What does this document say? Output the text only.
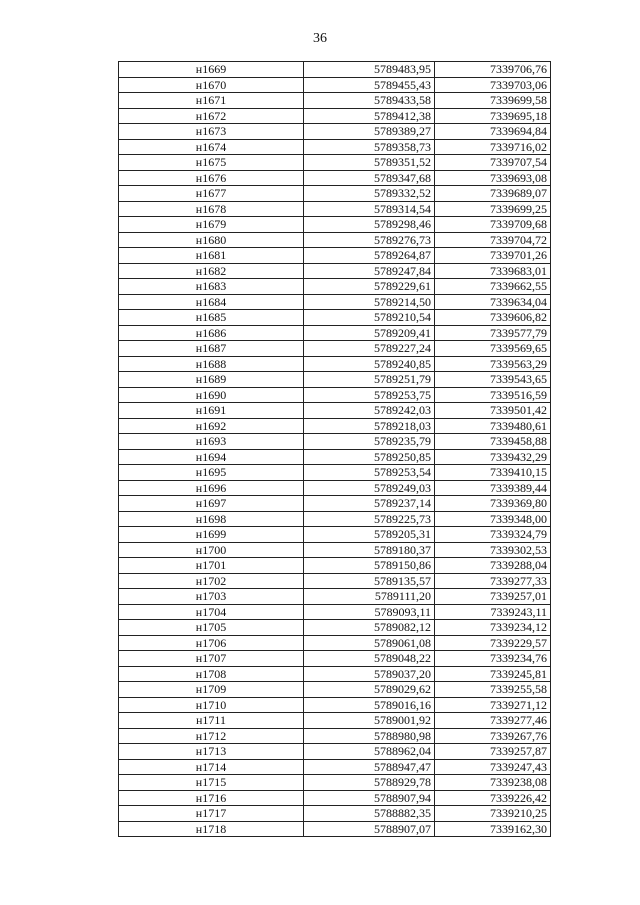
36
н1669	5789483,95	7339706,76
н1670	5789455,43	7339703,06
н1671	5789433,58	7339699,58
н1672	5789412,38	7339695,18
н1673	5789389,27	7339694,84
н1674	5789358,73	7339716,02
н1675	5789351,52	7339707,54
н1676	5789347,68	7339693,08
н1677	5789332,52	7339689,07
н1678	5789314,54	7339699,25
н1679	5789298,46	7339709,68
н1680	5789276,73	7339704,72
н1681	5789264,87	7339701,26
н1682	5789247,84	7339683,01
н1683	5789229,61	7339662,55
н1684	5789214,50	7339634,04
н1685	5789210,54	7339606,82
н1686	5789209,41	7339577,79
н1687	5789227,24	7339569,65
н1688	5789240,85	7339563,29
н1689	5789251,79	7339543,65
н1690	5789253,75	7339516,59
н1691	5789242,03	7339501,42
н1692	5789218,03	7339480,61
н1693	5789235,79	7339458,88
н1694	5789250,85	7339432,29
н1695	5789253,54	7339410,15
н1696	5789249,03	7339389,44
н1697	5789237,14	7339369,80
н1698	5789225,73	7339348,00
н1699	5789205,31	7339324,79
н1700	5789180,37	7339302,53
н1701	5789150,86	7339288,04
н1702	5789135,57	7339277,33
н1703	5789111,20	7339257,01
н1704	5789093,11	7339243,11
н1705	5789082,12	7339234,12
н1706	5789061,08	7339229,57
н1707	5789048,22	7339234,76
н1708	5789037,20	7339245,81
н1709	5789029,62	7339255,58
н1710	5789016,16	7339271,12
н1711	5789001,92	7339277,46
н1712	5788980,98	7339267,76
н1713	5788962,04	7339257,87
н1714	5788947,47	7339247,43
н1715	5788929,78	7339238,08
н1716	5788907,94	7339226,42
н1717	5788882,35	7339210,25
н1718	5788907,07	7339162,30
